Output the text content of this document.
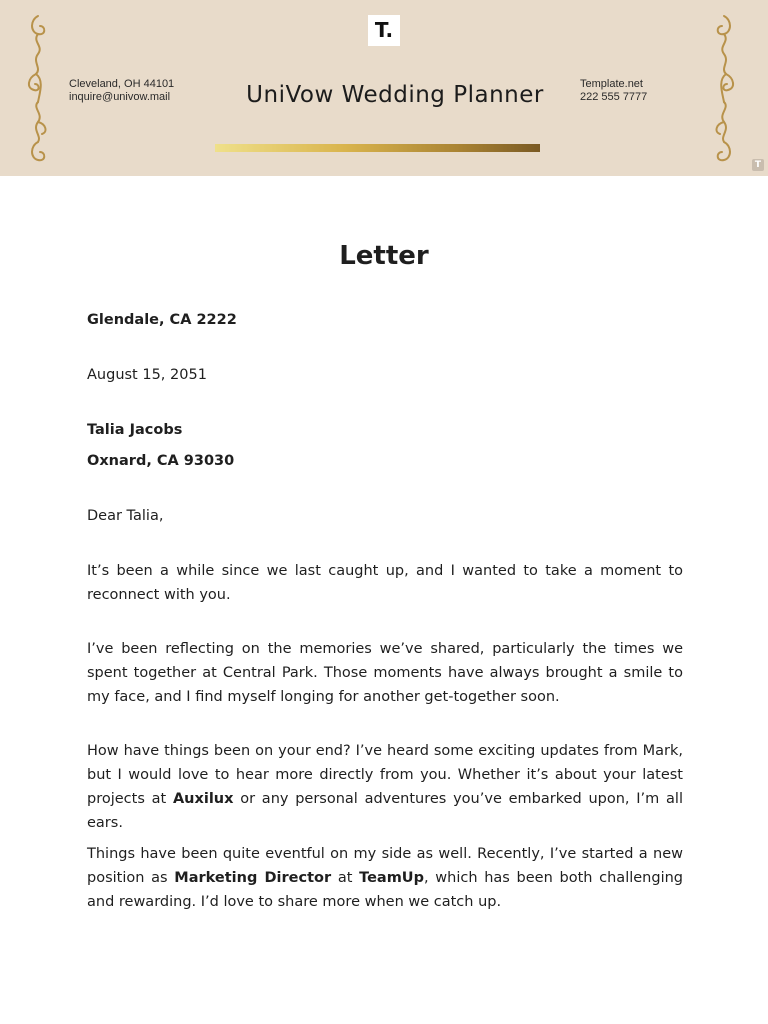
T.
Cleveland, OH 44101
inquire@univow.mail	UniVow Wedding Planner	Template.net
222 555 7777
T
Letter
Glendale, CA 2222
August 15, 2051
Talia Jacobs
Oxnard, CA 93030
Dear Talia,
It’s been a while since we last caught up, and I wanted to take a moment to reconnect with you.
I’ve been reflecting on the memories we’ve shared, particularly the times we spent together at Central Park. Those moments have always brought a smile to my face, and I find myself longing for another get-together soon.
How have things been on your end? I’ve heard some exciting updates from Mark, but I would love to hear more directly from you. Whether it’s about your latest projects at Auxilux or any personal adventures you’ve embarked upon, I’m all ears.
Things have been quite eventful on my side as well. Recently, I’ve started a new position as Marketing Director at TeamUp, which has been both challenging and rewarding. I’d love to share more when we catch up.
